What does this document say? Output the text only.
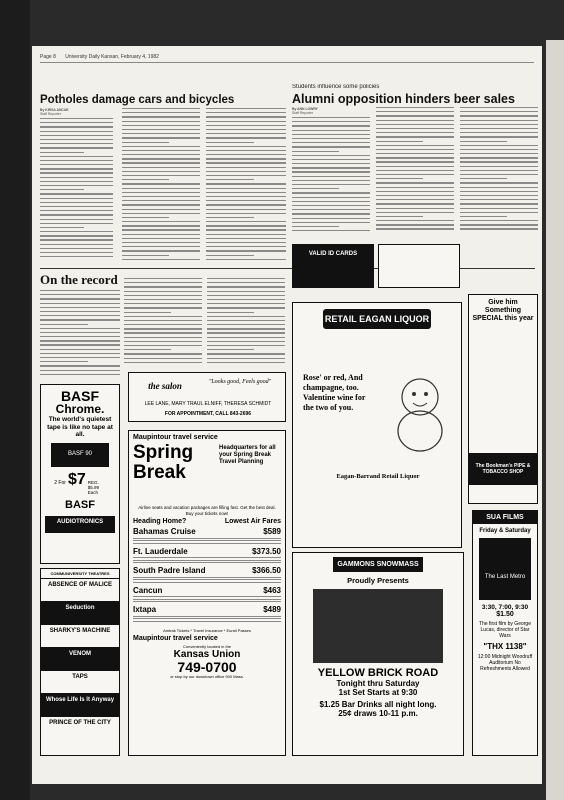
Page 8 University Daily Kansan, February 4, 1982
Potholes damage cars and bicycles
By KIRSA ANCUE
Staff Reporter
Students influence some policies
Alumni opposition hinders beer sales
By ANN LOWRY
Staff Reporter
On the record
BASF
Chrome.
The world's quietest tape is like no tape at all.
BASF 90
2 For $7 REG. $5.99 Each
BASF
AUDIOTRONICS
COMMUNIVERSITY THEATRES
ABSENCE OF MALICE
Seduction
SHARKY'S MACHINE
VENOM
TAPS
Whose Life Is It Anyway
PRINCE OF THE CITY
the salon	"Looks good, Feels good"
LEE LANE, MARY TRAUL ELNIFF, THERESA SCHMIDT
FOR APPOINTMENT, CALL 843-2696
Maupintour travel service
Spring Break
Headquarters for all your Spring Break Travel Planning
Airline seats and vacation packages are filling fast. Get the best deal. Buy your tickets now!
Heading Home?	Lowest Air Fares
Bahamas Cruise	$589
Ft. Lauderdale	$373.50
South Padre Island	$366.50
Cancun	$463
Ixtapa	$489
Amtrak Tickets * Travel Insurance * Eurail Passes
Maupintour travel service
Conveniently located in the
Kansas Union
749-0700
or stop by our downtown office 900 Mass.
VALID ID CARDS
RETAIL EAGAN LIQUOR
Rose' or red, And champagne, too. Valentine wine for the two of you.
Eagan-Barrand Retail Liquor
Give him Something SPECIAL this year
The Bookman's PIPE & TOBACCO SHOP
SUA FILMS
Friday & Saturday
The Last Metro
3:30, 7:00, 9:30
$1.50
The first film by George Lucas, director of Star Wars
"THX 1138"
12:00 Midnight Woodruff Auditorium No Refreshments Allowed
GAMMONS SNOWMASS
Proudly Presents
YELLOW BRICK ROAD
Tonight thru Saturday
1st Set Starts at 9:30
$1.25 Bar Drinks all night long.
25¢ draws 10-11 p.m.
